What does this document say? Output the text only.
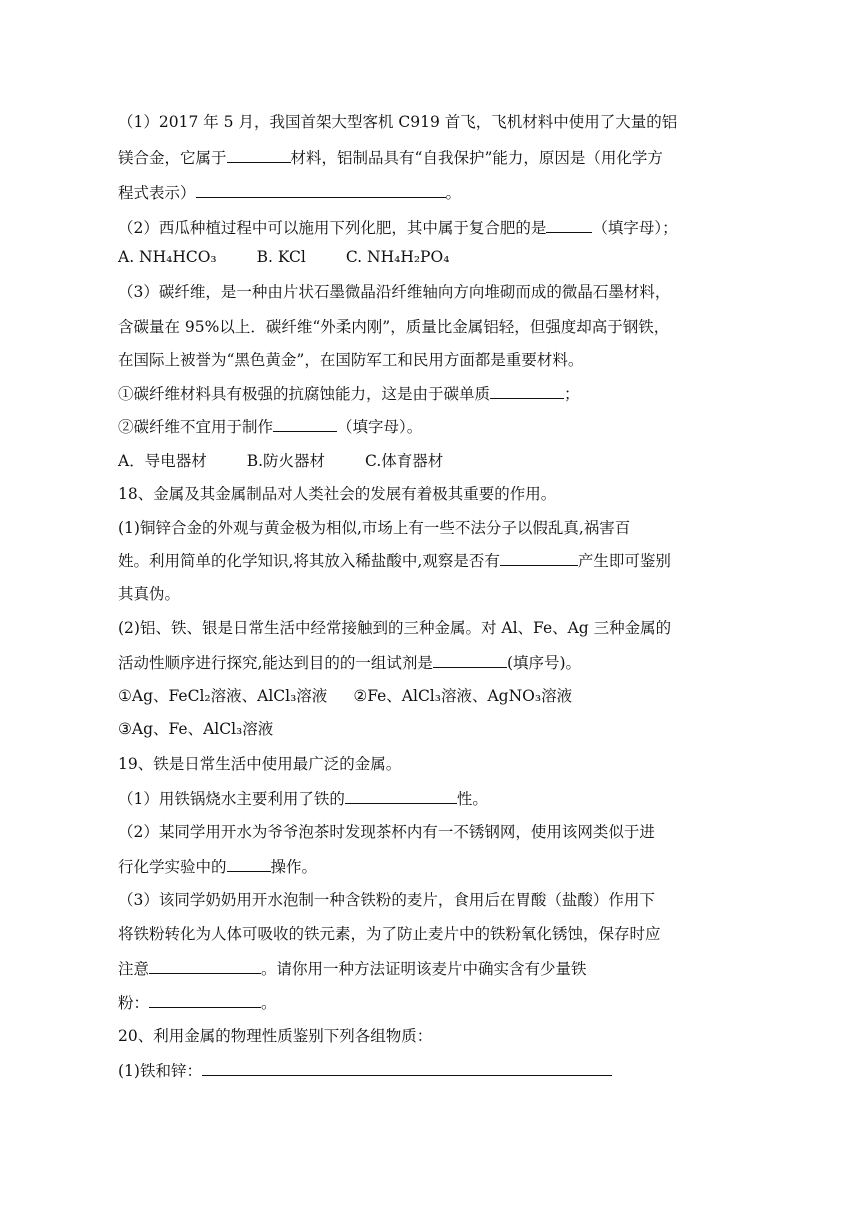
（1）2017 年 5 月，我国首架大型客机 C919 首飞，飞机材料中使用了大量的铝
镁合金，它属于	材料，铝制品具有“自我保护”能力，原因是（用化学方
程式表示）	。
（2）西瓜种植过程中可以施用下列化肥，其中属于复合肥的是	（填字母）；
A. NH₄HCO₃	B. KCl	C. NH₄H₂PO₄
（3）碳纤维，是一种由片状石墨微晶沿纤维轴向方向堆砌而成的微晶石墨材料，
含碳量在 95%以上．碳纤维“外柔内刚”，质量比金属铝轻，但强度却高于钢铁，
在国际上被誉为“黑色黄金”，在国防军工和民用方面都是重要材料。
①碳纤维材料具有极强的抗腐蚀能力，这是由于碳单质	；
②碳纤维不宜用于制作	（填字母）。
A．导电器材	B.防火器材	C.体育器材
18、金属及其金属制品对人类社会的发展有着极其重要的作用。
(1)铜锌合金的外观与黄金极为相似,市场上有一些不法分子以假乱真,祸害百
姓。利用简单的化学知识,将其放入稀盐酸中,观察是否有	产生即可鉴别
其真伪。
(2)铝、铁、银是日常生活中经常接触到的三种金属。对 Al、Fe、Ag 三种金属的
活动性顺序进行探究,能达到目的的一组试剂是	(填序号)。
①Ag、FeCl₂溶液、AlCl₃溶液 ②Fe、AlCl₃溶液、AgNO₃溶液
③Ag、Fe、AlCl₃溶液
19、铁是日常生活中使用最广泛的金属。
（1）用铁锅烧水主要利用了铁的	性。
（2）某同学用开水为爷爷泡茶时发现茶杯内有一不锈钢网，使用该网类似于进
行化学实验中的	操作。
（3）该同学奶奶用开水泡制一种含铁粉的麦片，食用后在胃酸（盐酸）作用下
将铁粉转化为人体可吸收的铁元素，为了防止麦片中的铁粉氧化锈蚀，保存时应
注意	。请你用一种方法证明该麦片中确实含有少量铁
粉：	。
20、利用金属的物理性质鉴别下列各组物质：
(1)铁和锌：
